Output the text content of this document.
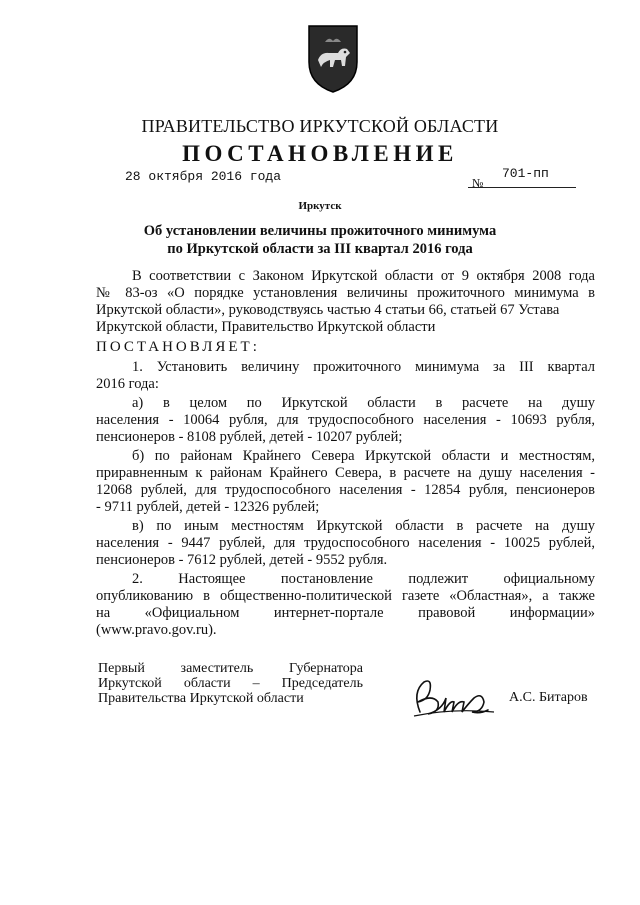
ПРАВИТЕЛЬСТВО ИРКУТСКОЙ ОБЛАСТИ
ПОСТАНОВЛЕНИЕ
28 октября 2016 года	№
701-пп
Иркутск
Об установлении величины прожиточного минимума
по Иркутской области за III квартал 2016 года
В соответствии с Законом Иркутской области от 9 октября 2008 года
№ 83-оз «О порядке установления величины прожиточного минимума в
Иркутской области», руководствуясь частью 4 статьи 66, статьей 67 Устава
Иркутской области, Правительство Иркутской области
ПОСТАНОВЛЯЕТ:
1. Установить величину прожиточного минимума за III квартал
2016 года:
а) в целом по Иркутской области в расчете на душу
населения - 10064 рубля, для трудоспособного населения - 10693 рубля,
пенсионеров - 8108 рублей, детей - 10207 рублей;
б) по районам Крайнего Севера Иркутской области и местностям,
приравненным к районам Крайнего Севера, в расчете на душу населения -
12068 рублей, для трудоспособного населения - 12854 рубля, пенсионеров
- 9711 рублей, детей - 12326 рублей;
в) по иным местностям Иркутской области в расчете на душу
населения - 9447 рублей, для трудоспособного населения - 10025 рублей,
пенсионеров - 7612 рублей, детей - 9552 рубля.
2. Настоящее постановление подлежит официальному
опубликованию в общественно-политической газете «Областная», а также
на «Официальном интернет-портале правовой информации»
(www.pravo.gov.ru).
Первый заместитель Губернатора
Иркутской области – Председатель
Правительства Иркутской области	А.С. Битаров
